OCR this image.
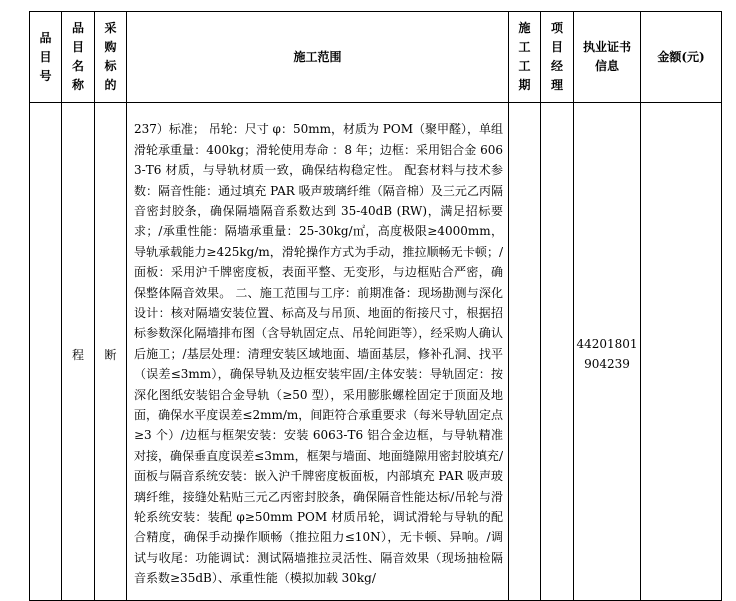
品目号	品目名称	采购标的	施工范围	施工工期	项目经理	执业证书信息	金额(元)
	程	断	237）标准； 吊轮：尺寸 φ：50mm，材质为 POM（聚甲醛），单组滑轮承重量：400kg；滑轮使用寿命 ：8 年；边框：采用铝合金 6063-T6 材质，与导轨材质一致，确保结构稳定性。 配套材料与技术参数：隔音性能：通过填充 PAR 吸声玻璃纤维（隔音棉）及三元乙丙隔音密封胶条，确保隔墙隔音系数达到 35-40dB (RW)，满足招标要求；/承重性能：隔墙承重量：25-30kg/㎡，高度极限≥4000mm，导轨承载能力≥425kg/m，滑轮操作方式为手动，推拉顺畅无卡顿；/面板：采用沪千牌密度板，表面平整、无变形，与边框贴合严密，确保整体隔音效果。 二、施工范围与工序：前期准备：现场勘测与深化设计：核对隔墙安装位置、标高及与吊顶、地面的衔接尺寸，根据招标参数深化隔墙排布图（含导轨固定点、吊轮间距等），经采购人确认后施工；/基层处理：清理安装区域地面、墙面基层，修补孔洞、找平（误差≤3mm），确保导轨及边框安装牢固/主体安装：导轨固定：按深化图纸安装铝合金导轨（≥50 型），采用膨胀螺栓固定于顶面及地面，确保水平度误差≤2mm/m，间距符合承重要求（每米导轨固定点≥3 个）/边框与框架安装：安装 6063-T6 铝合金边框，与导轨精准对接，确保垂直度误差≤3mm，框架与墙面、地面缝隙用密封胶填充/面板与隔音系统安装：嵌入沪千牌密度板面板，内部填充 PAR 吸声玻璃纤维，接缝处粘贴三元乙丙密封胶条，确保隔音性能达标/吊轮与滑轮系统安装：装配 φ≥50mm POM 材质吊轮，调试滑轮与导轨的配合精度，确保手动操作顺畅（推拉阻力≤10N），无卡顿、异响。/调试与收尾：功能调试：测试隔墙推拉灵活性、隔音效果（现场抽检隔音系数≥35dB）、承重性能（模拟加载 30kg/			44201801
904239	
